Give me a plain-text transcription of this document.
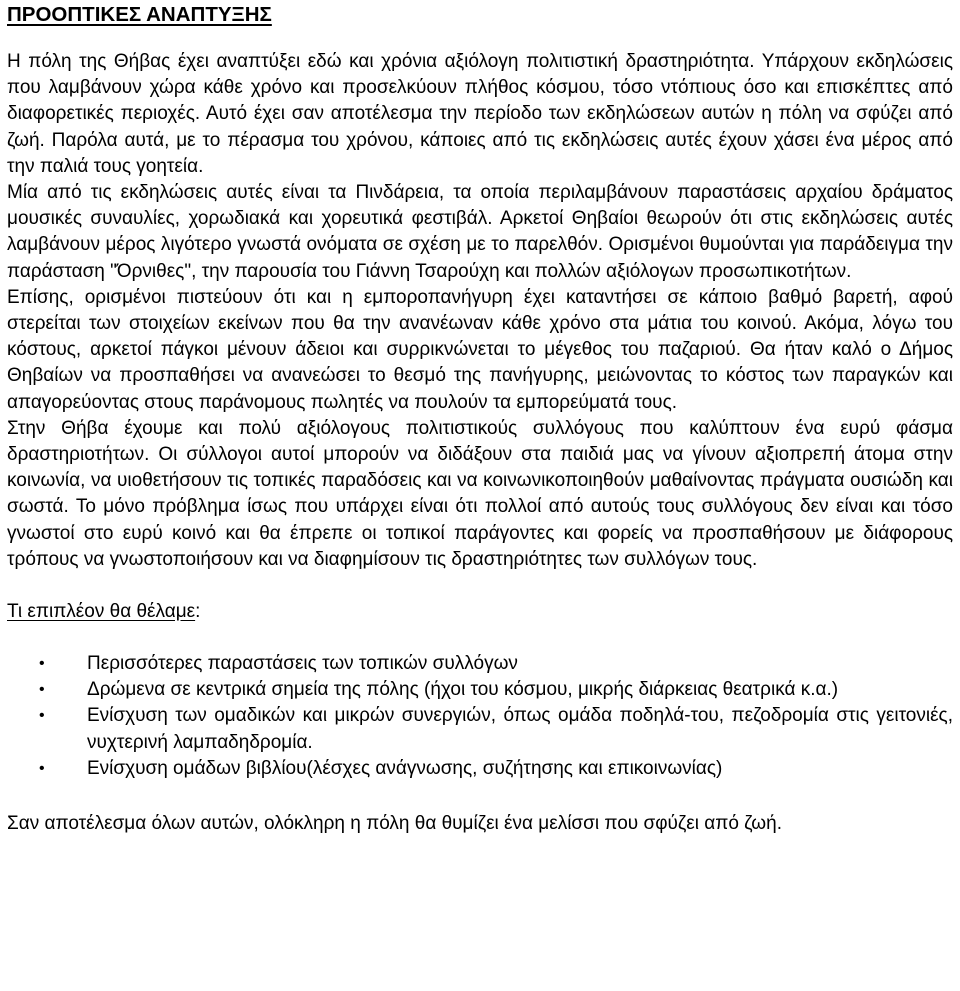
ΠΡΟΟΠΤΙΚΕΣ ΑΝΑΠΤΥΞΗΣ

Η πόλη της Θήβας έχει αναπτύξει εδώ και χρόνια αξιόλογη πολιτιστική δραστηριότητα. Υπάρχουν εκδηλώσεις που λαμβάνουν χώρα κάθε χρόνο και προσελκύουν πλήθος κόσμου, τόσο ντόπιους όσο και επισκέπτες από διαφορετικές περιοχές. Αυτό έχει σαν αποτέλεσμα την περίοδο των εκδηλώσεων αυτών η πόλη να σφύζει από ζωή. Παρόλα αυτά, με το πέρασμα του χρόνου, κάποιες από τις εκδηλώσεις αυτές έχουν χάσει ένα μέρος από την παλιά τους γοητεία.

Μία από τις εκδηλώσεις αυτές είναι τα Πινδάρεια, τα οποία περιλαμβάνουν παραστάσεις αρχαίου δράματος μουσικές συναυλίες, χορωδιακά και χορευτικά φεστιβάλ. Αρκετοί Θηβαίοι θεωρούν ότι στις εκδηλώσεις αυτές λαμβάνουν μέρος λιγότερο γνωστά ονόματα σε σχέση με το παρελθόν. Ορισμένοι θυμούνται για παράδειγμα την παράσταση "Όρνιθες", την παρουσία του Γιάννη Τσαρούχη και πολλών αξιόλογων προσωπικοτήτων.

Επίσης, ορισμένοι πιστεύουν ότι και η εμποροπανήγυρη έχει καταντήσει σε κάποιο βαθμό βαρετή, αφού στερείται των στοιχείων εκείνων που θα την ανανέωναν κάθε χρόνο στα μάτια του κοινού. Ακόμα, λόγω του κόστους, αρκετοί πάγκοι μένουν άδειοι και συρρικνώνεται το μέγεθος του παζαριού. Θα ήταν καλό ο Δήμος Θηβαίων να προσπαθήσει να ανανεώσει το θεσμό της πανήγυρης, μειώνοντας το κόστος των παραγκών και απαγορεύοντας στους παράνομους πωλητές να πουλούν τα εμπορεύματά τους.

Στην Θήβα έχουμε και πολύ αξιόλογους πολιτιστικούς συλλόγους που καλύπτουν ένα ευρύ φάσμα δραστηριοτήτων. Οι σύλλογοι αυτοί μπορούν να διδάξουν στα παιδιά μας να γίνουν αξιοπρεπή άτομα στην κοινωνία, να υιοθετήσουν τις τοπικές παραδόσεις και να κοινωνικοποιηθούν μαθαίνοντας πράγματα ουσιώδη και σωστά. Το μόνο πρόβλημα ίσως που υπάρχει είναι ότι πολλοί από αυτούς τους συλλόγους δεν είναι και τόσο γνωστοί στο ευρύ κοινό και θα έπρεπε οι τοπικοί παράγοντες και φορείς να προσπαθήσουν με διάφορους τρόπους να γνωστοποιήσουν και να διαφημίσουν τις δραστηριότητες των συλλόγων τους.

Τι επιπλέον θα θέλαμε:
• Περισσότερες παραστάσεις των τοπικών συλλόγων
• Δρώμενα σε κεντρικά σημεία της πόλης (ήχοι του κόσμου, μικρής διάρκειας θεατρικά κ.α.)
• Ενίσχυση των ομαδικών και μικρών συνεργιών, όπως ομάδα ποδηλά-του, πεζοδρομία στις γειτονιές, νυχτερινή λαμπαδηδρομία.
• Ενίσχυση ομάδων βιβλίου(λέσχες ανάγνωσης, συζήτησης και επικοινωνίας)

Σαν αποτέλεσμα όλων αυτών, ολόκληρη η πόλη θα θυμίζει ένα μελίσσι που σφύζει από ζωή.
